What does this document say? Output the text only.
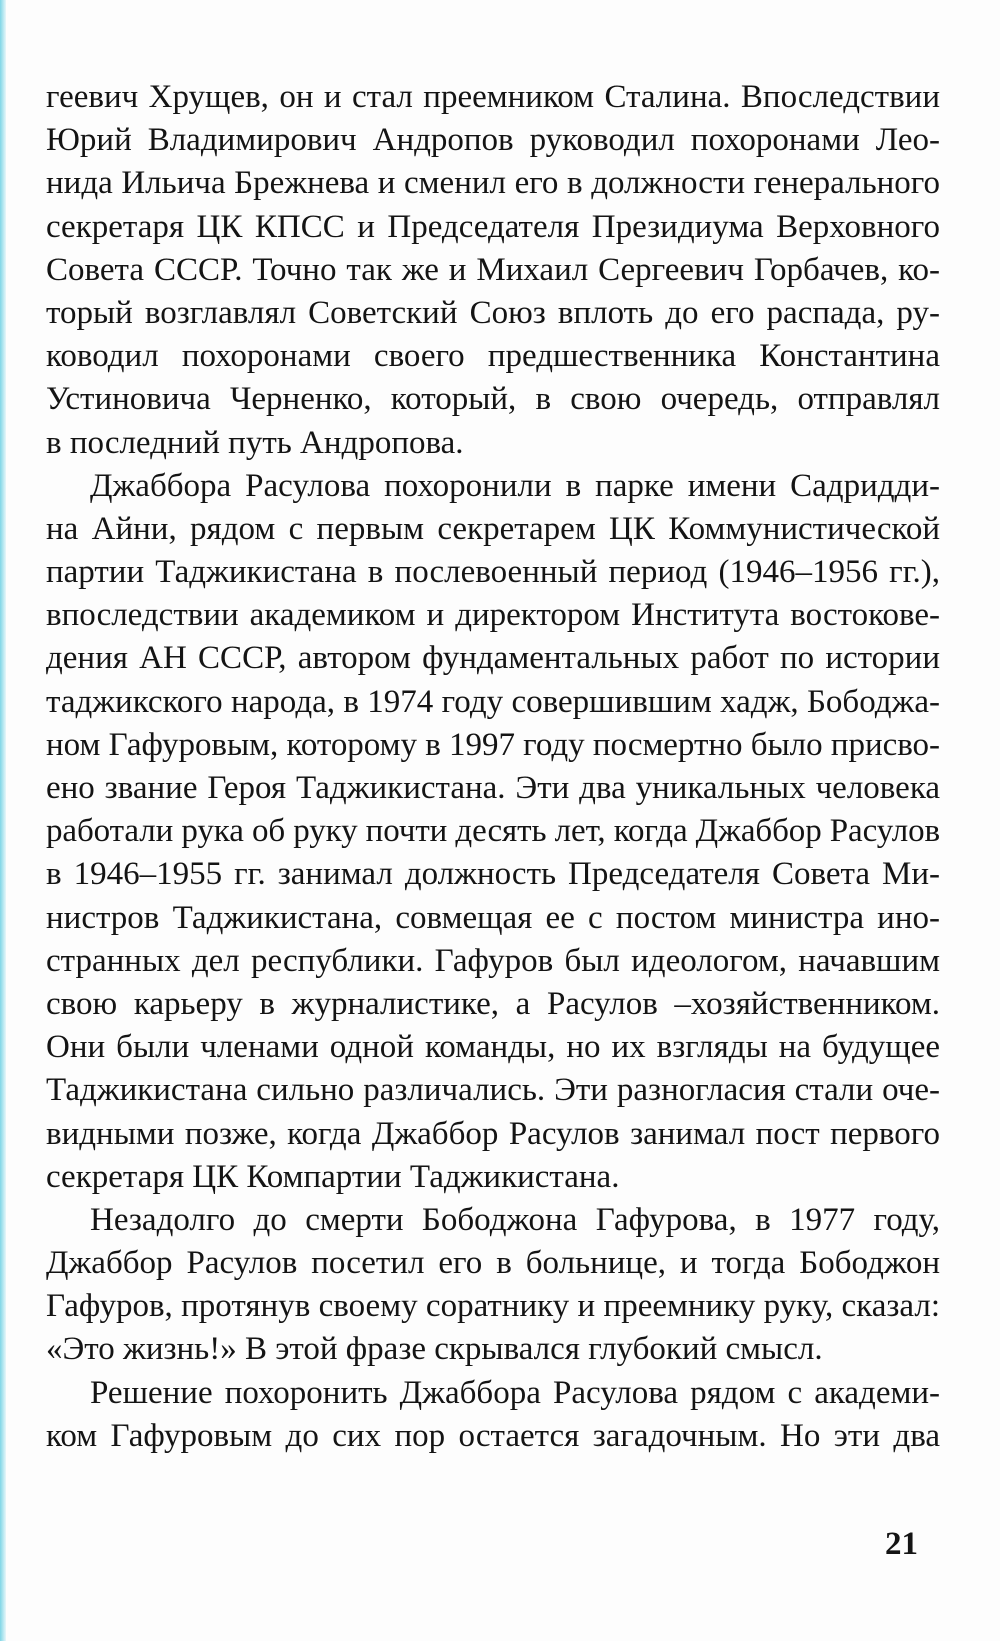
геевич Хрущев, он и стал преемником Сталина. Впоследствии
Юрий Владимирович Андропов руководил похоронами Лео-
нида Ильича Брежнева и сменил его в должности генерального
секретаря ЦК КПСС и Председателя Президиума Верховного
Совета СССР. Точно так же и Михаил Сергеевич Горбачев, ко-
торый возглавлял Советский Союз вплоть до его распада, ру-
ководил похоронами своего предшественника Константина
Устиновича Черненко, который, в свою очередь, отправлял
в последний путь Андропова.
Джаббора Расулова похоронили в парке имени Садридди-
на Айни, рядом с первым секретарем ЦК Коммунистической
партии Таджикистана в послевоенный период (1946–1956 гг.),
впоследствии академиком и директором Института востокове-
дения АН СССР, автором фундаментальных работ по истории
таджикского народа, в 1974 году совершившим хадж, Бободжа-
ном Гафуровым, которому в 1997 году посмертно было присво-
ено звание Героя Таджикистана. Эти два уникальных человека
работали рука об руку почти десять лет, когда Джаббор Расулов
в 1946–1955 гг. занимал должность Председателя Совета Ми-
нистров Таджикистана, совмещая ее с постом министра ино-
странных дел республики. Гафуров был идеологом, начавшим
свою карьеру в журналистике, а Расулов –хозяйственником.
Они были членами одной команды, но их взгляды на будущее
Таджикистана сильно различались. Эти разногласия стали оче-
видными позже, когда Джаббор Расулов занимал пост первого
секретаря ЦК Компартии Таджикистана.
Незадолго до смерти Бободжона Гафурова, в 1977 году,
Джаббор Расулов посетил его в больнице, и тогда Бободжон
Гафуров, протянув своему соратнику и преемнику руку, сказал:
«Это жизнь!» В этой фразе скрывался глубокий смысл.
Решение похоронить Джаббора Расулова рядом с академи-
ком Гафуровым до сих пор остается загадочным. Но эти два
21
